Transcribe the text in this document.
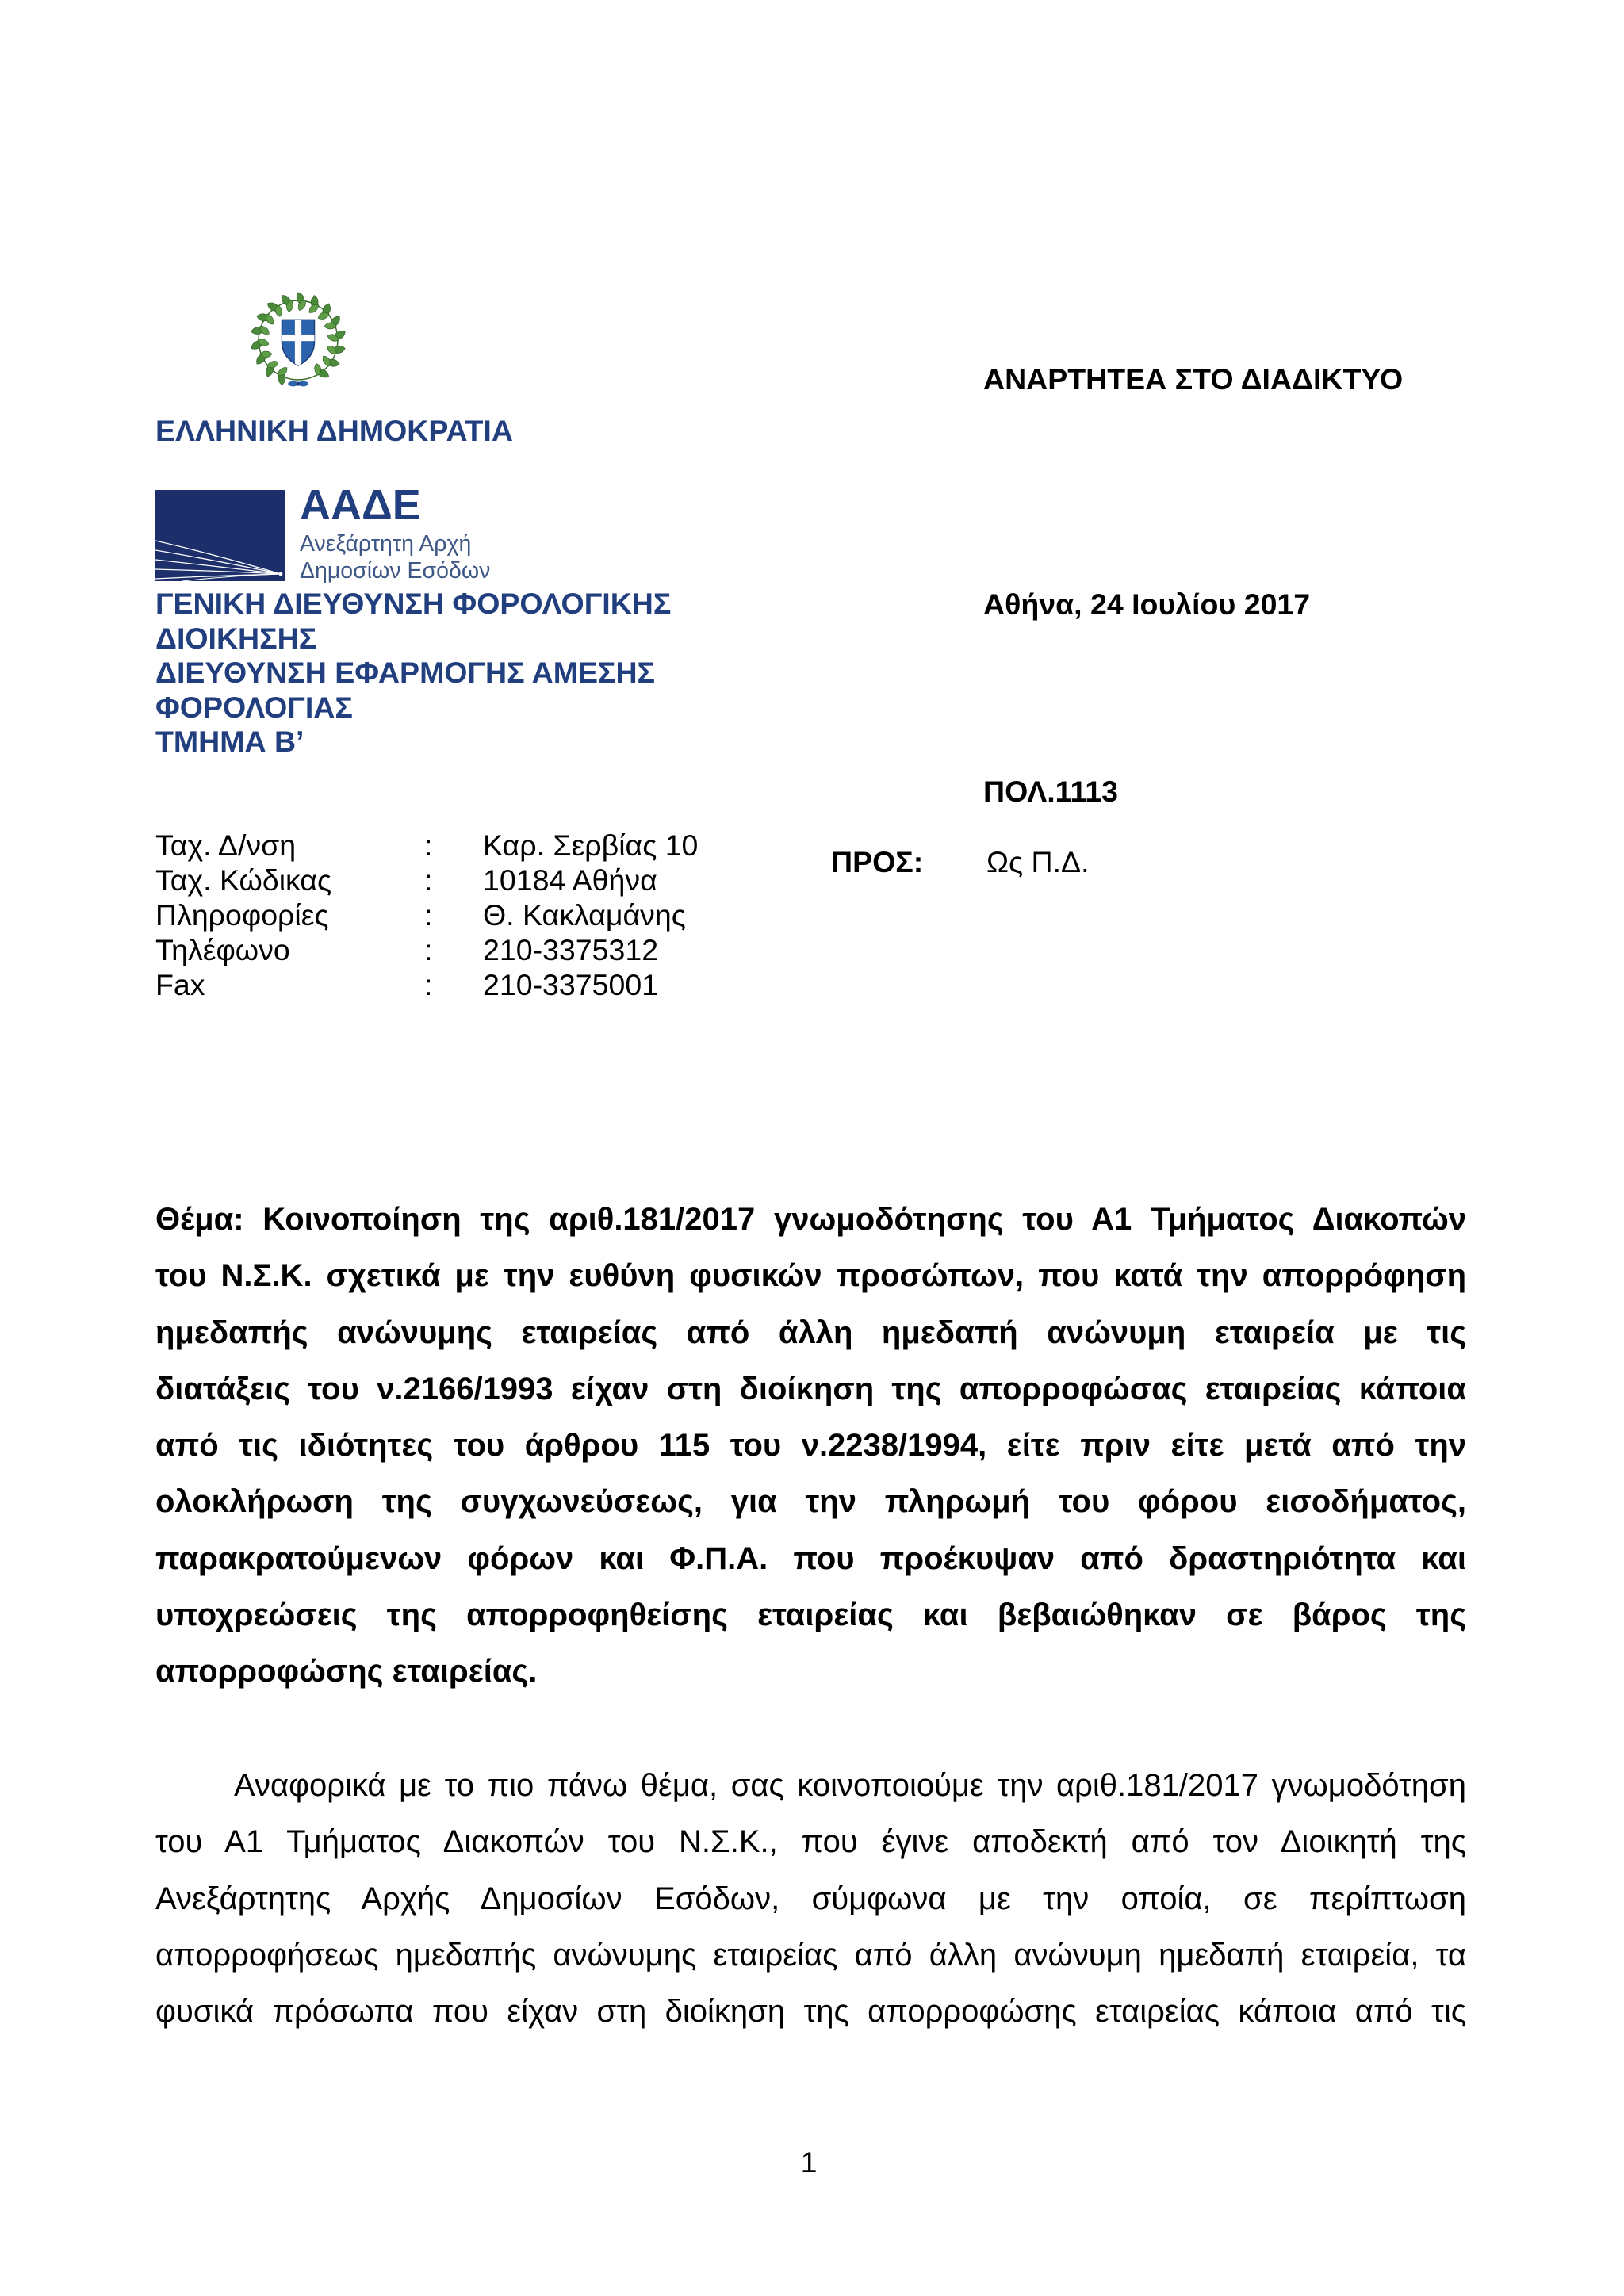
ΕΛΛΗΝΙΚΗ ΔΗΜΟΚΡΑΤΙΑ
ΑΑΔΕ
Ανεξάρτητη Αρχή
Δημοσίων Εσόδων
ΓΕΝΙΚΗ ΔΙΕΥΘΥΝΣΗ ΦΟΡΟΛΟΓΙΚΗΣ
ΔΙΟΙΚΗΣΗΣ
ΔΙΕΥΘΥΝΣΗ ΕΦΑΡΜΟΓΗΣ ΑΜΕΣΗΣ
ΦΟΡΟΛΟΓΙΑΣ
ΤΜΗΜΑ Β’
ΑΝΑΡΤΗΤΕΑ ΣΤΟ ΔΙΑΔΙΚΤΥΟ
Αθήνα, 24 Ιουλίου 2017
ΠΟΛ.1113
Ταχ. Δ/νση	: Καρ. Σερβίας 10
Ταχ. Κώδικας	: 10184 Αθήνα
Πληροφορίες	: Θ. Κακλαμάνης
Τηλέφωνο	: 210-3375312
Fax	: 210-3375001
ΠΡΟΣ: Ως Π.Δ.
Θέμα: Κοινοποίηση της αριθ.181/2017 γνωμοδότησης του Α1 Τμήματος Διακοπών
του Ν.Σ.Κ. σχετικά με την ευθύνη φυσικών προσώπων, που κατά την απορρόφηση
ημεδαπής ανώνυμης εταιρείας από άλλη ημεδαπή ανώνυμη εταιρεία με τις
διατάξεις του ν.2166/1993 είχαν στη διοίκηση της απορροφώσας εταιρείας κάποια
από τις ιδιότητες του άρθρου 115 του ν.2238/1994, είτε πριν είτε μετά από την
ολοκλήρωση της συγχωνεύσεως, για την πληρωμή του φόρου εισοδήματος,
παρακρατούμενων φόρων και Φ.Π.Α. που προέκυψαν από δραστηριότητα και
υποχρεώσεις της απορροφηθείσης εταιρείας και βεβαιώθηκαν σε βάρος της
απορροφώσης εταιρείας.
Αναφορικά με το πιο πάνω θέμα, σας κοινοποιούμε την αριθ.181/2017 γνωμοδότηση
του Α1 Τμήματος Διακοπών του Ν.Σ.Κ., που έγινε αποδεκτή από τον Διοικητή της
Ανεξάρτητης Αρχής Δημοσίων Εσόδων, σύμφωνα με την οποία, σε περίπτωση
απορροφήσεως ημεδαπής ανώνυμης εταιρείας από άλλη ανώνυμη ημεδαπή εταιρεία, τα
φυσικά πρόσωπα που είχαν στη διοίκηση της απορροφώσης εταιρείας κάποια από τις
1
